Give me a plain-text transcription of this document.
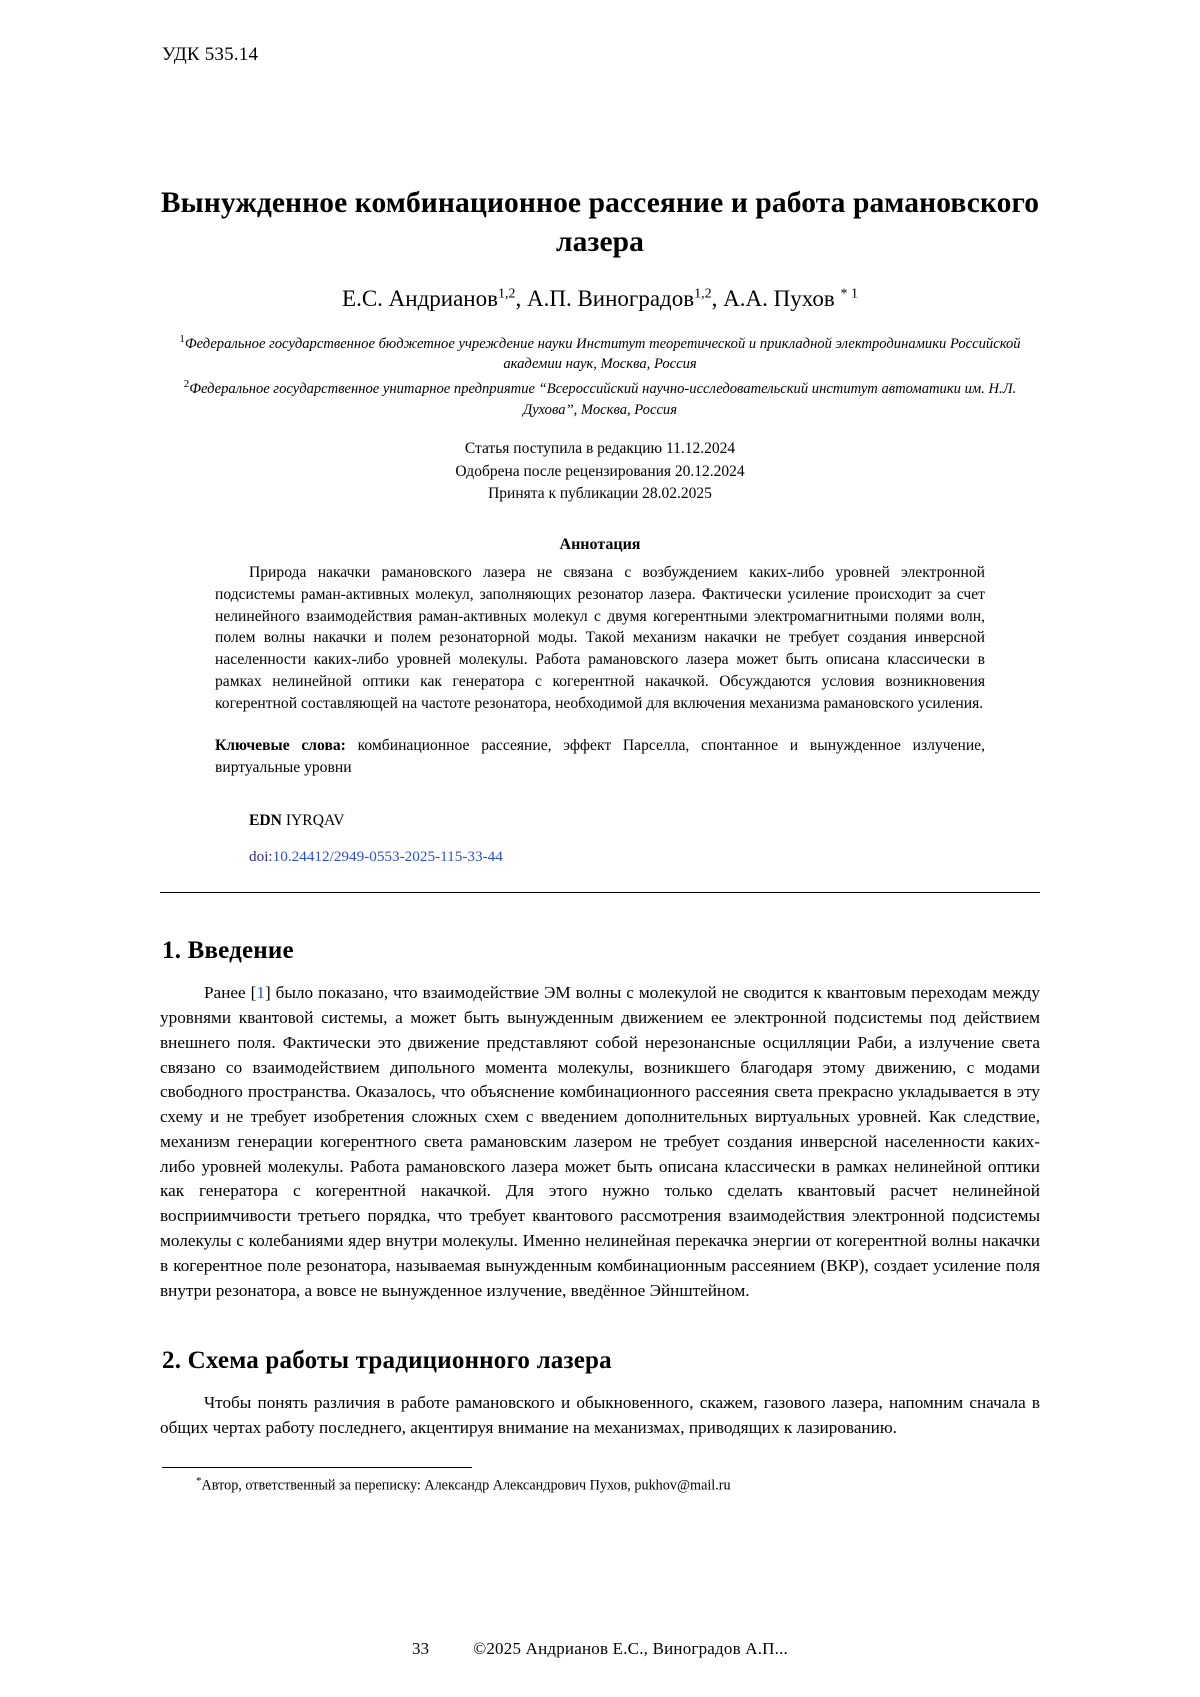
УДК 535.14
Вынужденное комбинационное рассеяние и работа рамановского лазера
Е.С. Андрианов$^{1,2}$, А.П. Виноградов$^{1,2}$, А.А. Пухов $^{* 1}$
$^1$Федеральное государственное бюджетное учреждение науки Институт теоретической и прикладной электродинамики Российской академии наук, Москва, Россия
$^2$Федеральное государственное унитарное предприятие “Всероссийский научно-исследовательский институт автоматики им. Н.Л. Духова”, Москва, Россия
Статья поступила в редакцию 11.12.2024
Одобрена после рецензирования 20.12.2024
Принята к публикации 28.02.2025
Аннотация
Природа накачки рамановского лазера не связана с возбуждением каких-либо уровней электронной подсистемы раман-активных молекул, заполняющих резонатор лазера. Фактически усиление происходит за счет нелинейного взаимодействия раман-активных молекул с двумя когерентными электромагнитными полями волн, полем волны накачки и полем резонаторной моды. Такой механизм накачки не требует создания инверсной населенности каких-либо уровней молекулы. Работа рамановского лазера может быть описана классически в рамках нелинейной оптики как генератора с когерентной накачкой. Обсуждаются условия возникновения когерентной составляющей на частоте резонатора, необходимой для включения механизма рамановского усиления.
Ключевые слова: комбинационное рассеяние, эффект Парселла, спонтанное и вынужденное излучение, виртуальные уровни
EDN IYRQAV
doi:10.24412/2949-0553-2025-115-33-44
1. Введение

Ранее [1] было показано, что взаимодействие ЭМ волны с молекулой не сводится к квантовым переходам между уровнями квантовой системы, а может быть вынужденным движением ее электронной подсистемы под действием внешнего поля. Фактически это движение представляют собой нерезонансные осцилляции Раби, а излучение света связано со взаимодействием дипольного момента молекулы, возникшего благодаря этому движению, с модами свободного пространства. Оказалось, что объяснение комбинационного рассеяния света прекрасно укладывается в эту схему и не требует изобретения сложных схем с введением дополнительных виртуальных уровней. Как следствие, механизм генерации когерентного света рамановским лазером не требует создания инверсной населенности каких-либо уровней молекулы. Работа рамановского лазера может быть описана классически в рамках нелинейной оптики как генератора с когерентной накачкой. Для этого нужно только сделать квантовый расчет нелинейной восприимчивости третьего порядка, что требует квантового рассмотрения взаимодействия электронной подсистемы молекулы с колебаниями ядер внутри молекулы. Именно нелинейная перекачка энергии от когерентной волны накачки в когерентное поле резонатора, называемая вынужденным комбинационным рассеянием (ВКР), создает усиление поля внутри резонатора, а вовсе не вынужденное излучение, введённое Эйнштейном.

2. Схема работы традиционного лазера

Чтобы понять различия в работе рамановского и обыкновенного, скажем, газового лазера, напомним сначала в общих чертах работу последнего, акцентируя внимание на механизмах, приводящих к лазированию.

*Автор, ответственный за переписку: Александр Александрович Пухов, pukhov@mail.ru
33	©2025 Андрианов Е.С., Виноградов А.П...
